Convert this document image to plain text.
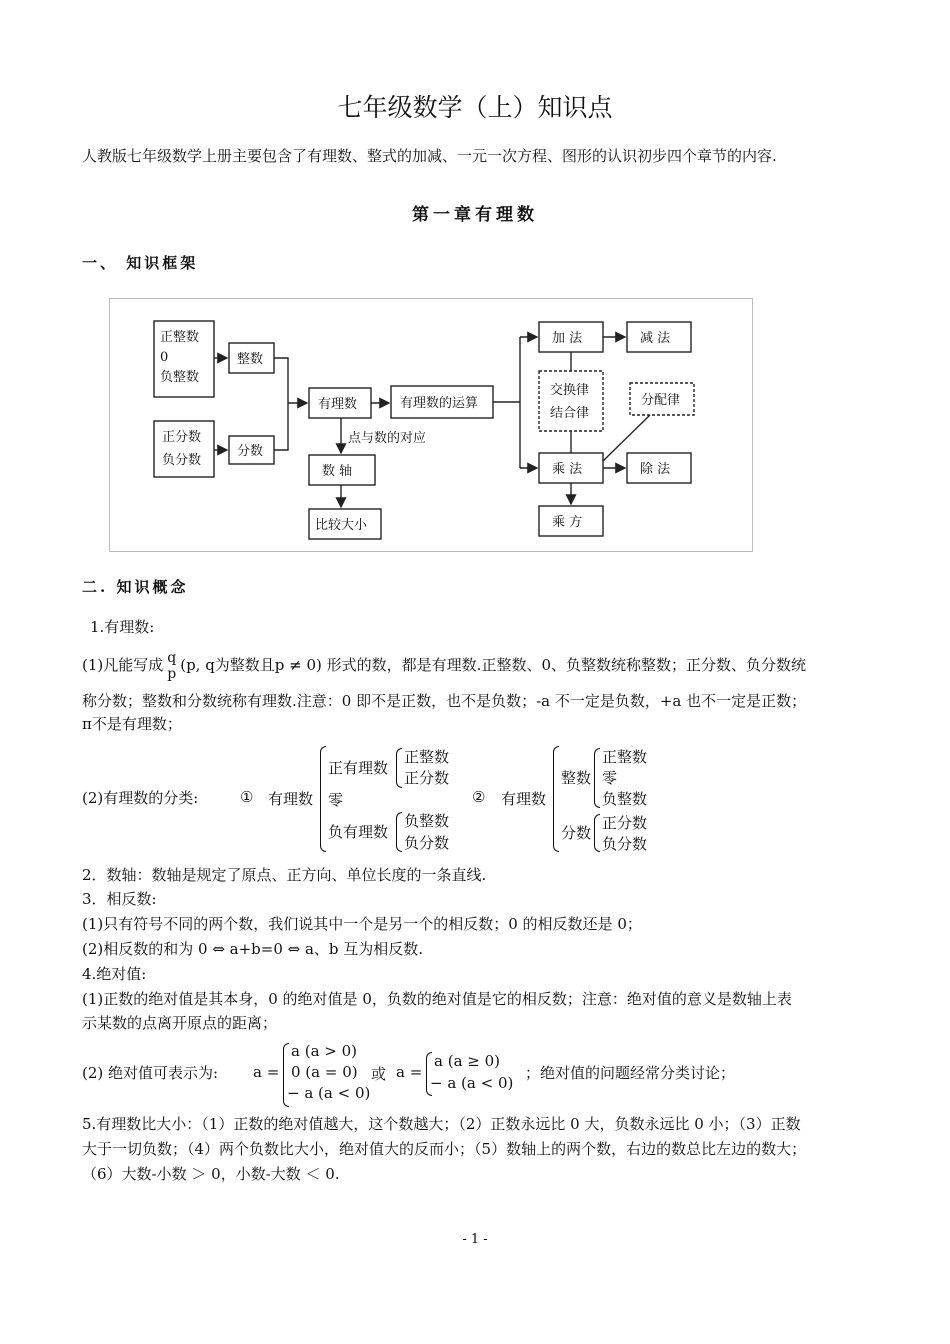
七年级数学（上）知识点
人教版七年级数学上册主要包含了有理数、整式的加减、一元一次方程、图形的认识初步四个章节的内容.
第一章有理数
一、 知识框架
正整数
0
负整数
整数
正分数
负分数
分数
有理数	有理数的运算
点与数的对应
数 轴
比较大小
加 法	减 法
交换律
结合律
分配律
乘 法	除 法
乘 方
二. 知识概念
1.有理数:
(1)凡能写成 q
p (p, q为整数且p ≠ 0) 形式的数，都是有理数.正整数、0、负整数统称整数；正分数、负分数统
称分数；整数和分数统称有理数.注意：0 即不是正数，也不是负数；-a 不一定是负数，+a 也不一定是正数；
π不是有理数；
(2)有理数的分类:	① 有理数
正有理数
正整数
正分数
零
负有理数
负整数
负分数
② 有理数
整数
正整数
零
负整数
分数
正分数
负分数
2．数轴：数轴是规定了原点、正方向、单位长度的一条直线.
3．相反数:
(1)只有符号不同的两个数，我们说其中一个是另一个的相反数；0 的相反数还是 0；
(2)相反数的和为 0 ⇔ a+b=0 ⇔ a、b 互为相反数.
4.绝对值:
(1)正数的绝对值是其本身，0 的绝对值是 0，负数的绝对值是它的相反数；注意：绝对值的意义是数轴上表
示某数的点离开原点的距离；
(2) 绝对值可表示为: a =
a (a > 0)
0 (a = 0)
− a (a < 0)
或 a =
a (a ≥ 0)
− a (a < 0)
；绝对值的问题经常分类讨论；
5.有理数比大小：（1）正数的绝对值越大，这个数越大；（2）正数永远比 0 大，负数永远比 0 小；（3）正数
大于一切负数；（4）两个负数比大小，绝对值大的反而小；（5）数轴上的两个数，右边的数总比左边的数大；
（6）大数-小数 ＞ 0，小数-大数 ＜ 0.
- 1 -
